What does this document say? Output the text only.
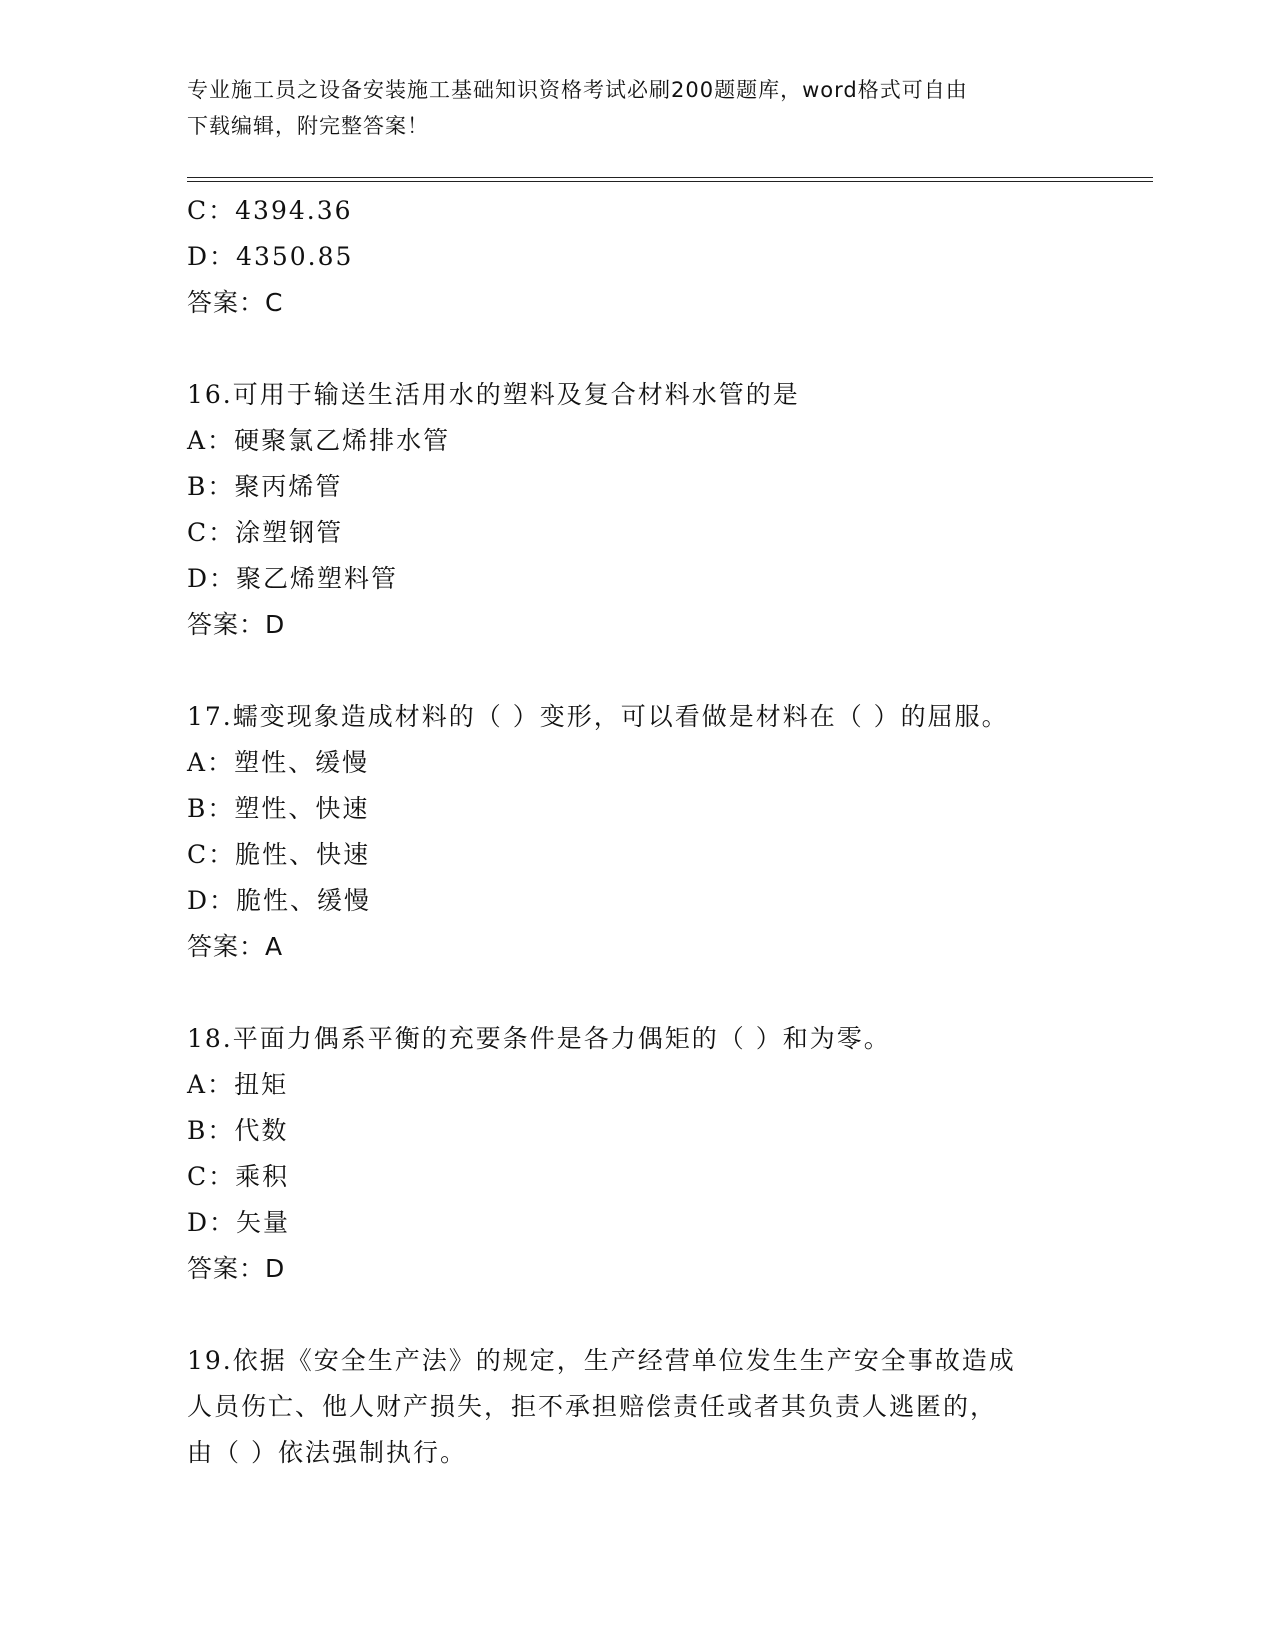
专业施工员之设备安装施工基础知识资格考试必刷200题题库，word格式可自由
下载编辑，附完整答案！
C：4394.36
D：4350.85
答案：C
16.可用于输送生活用水的塑料及复合材料水管的是
A：硬聚氯乙烯排水管
B：聚丙烯管
C：涂塑钢管
D：聚乙烯塑料管
答案：D
17.蠕变现象造成材料的（ ）变形，可以看做是材料在（ ）的屈服。
A：塑性、缓慢
B：塑性、快速
C：脆性、快速
D：脆性、缓慢
答案：A
18.平面力偶系平衡的充要条件是各力偶矩的（ ）和为零。
A：扭矩
B：代数
C：乘积
D：矢量
答案：D
19.依据《安全生产法》的规定，生产经营单位发生生产安全事故造成
人员伤亡、他人财产损失，拒不承担赔偿责任或者其负责人逃匿的，
由（ ）依法强制执行。
